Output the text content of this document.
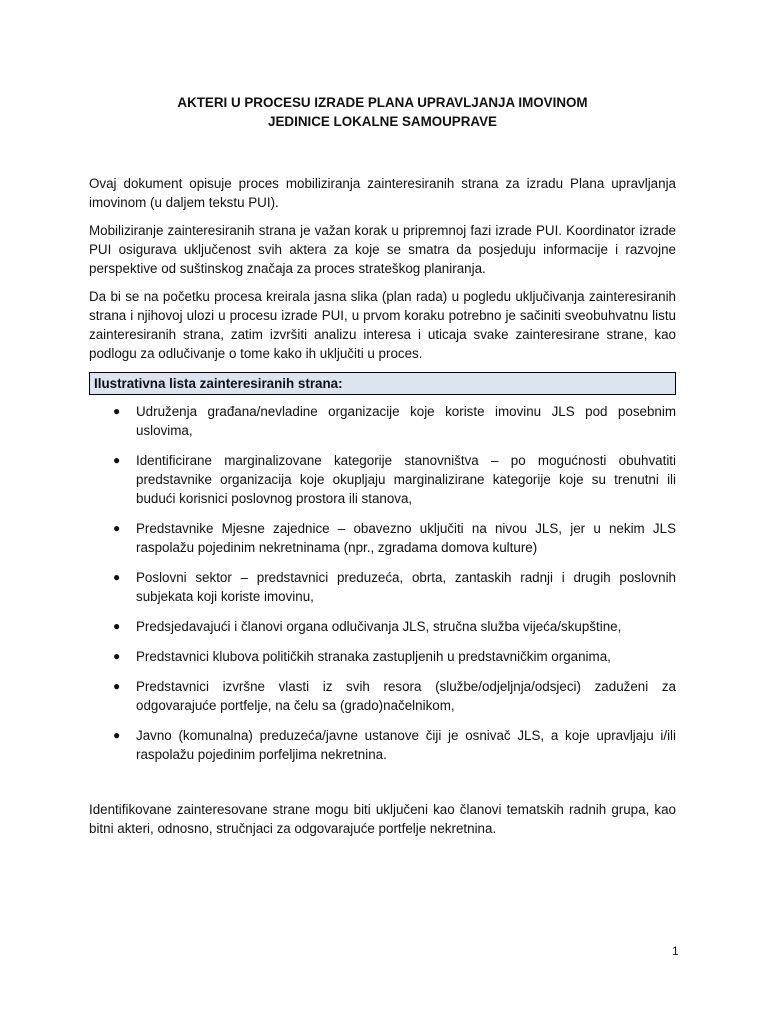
AKTERI U PROCESU IZRADE PLANA UPRAVLJANJA IMOVINOM
JEDINICE LOKALNE SAMOUPRAVE

Ovaj dokument opisuje proces mobiliziranja zainteresiranih strana za izradu Plana upravljanja imovinom (u daljem tekstu PUI).

Mobiliziranje zainteresiranih strana je važan korak u pripremnoj fazi izrade PUI. Koordinator izrade PUI osigurava uključenost svih aktera za koje se smatra da posjeduju informacije i razvojne perspektive od suštinskog značaja za proces strateškog planiranja.

Da bi se na početku procesa kreirala jasna slika (plan rada) u pogledu uključivanja zainteresiranih strana i njihovoj ulozi u procesu izrade PUI, u prvom koraku potrebno je sačiniti sveobuhvatnu listu zainteresiranih strana, zatim izvršiti analizu interesa i uticaja svake zainteresirane strane, kao podlogu za odlučivanje o tome kako ih uključiti u proces.

Ilustrativna lista zainteresiranih strana:
● Udruženja građana/nevladine organizacije koje koriste imovinu JLS pod posebnim uslovima,
● Identificirane marginalizovane kategorije stanovništva – po mogućnosti obuhvatiti predstavnike organizacija koje okupljaju marginalizirane kategorije koje su trenutni ili budući korisnici poslovnog prostora ili stanova,
● Predstavnike Mjesne zajednice – obavezno uključiti na nivou JLS, jer u nekim JLS raspolažu pojedinim nekretninama (npr., zgradama domova kulture)
● Poslovni sektor – predstavnici preduzeća, obrta, zantaskih radnji i drugih poslovnih subjekata koji koriste imovinu,
● Predsjedavajući i članovi organa odlučivanja JLS, stručna služba vijeća/skupštine,
● Predstavnici klubova političkih stranaka zastupljenih u predstavničkim organima,
● Predstavnici izvršne vlasti iz svih resora (službe/odjeljnja/odsjeci) zaduženi za odgovarajuće portfelje, na čelu sa (grado)načelnikom,
● Javno (komunalna) preduzeća/javne ustanove čiji je osnivač JLS, a koje upravljaju i/ili raspolažu pojedinim porfeljima nekretnina.

Identifikovane zainteresovane strane mogu biti uključeni kao članovi tematskih radnih grupa, kao bitni akteri, odnosno, stručnjaci za odgovarajuće portfelje nekretnina.

1
